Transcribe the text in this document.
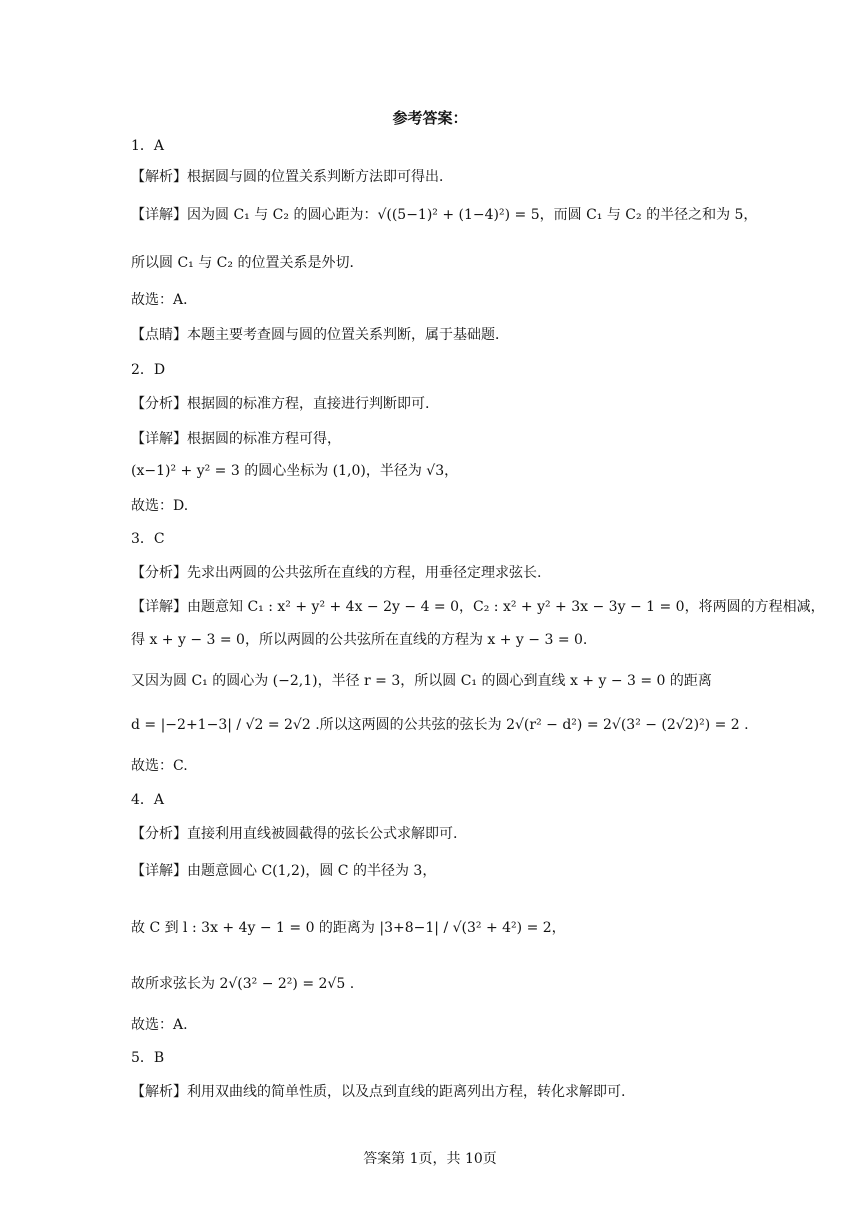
参考答案：
1．A
【解析】根据圆与圆的位置关系判断方法即可得出．
【详解】因为圆 C₁ 与 C₂ 的圆心距为：√((5−1)² + (1−4)²) = 5，而圆 C₁ 与 C₂ 的半径之和为 5，
所以圆 C₁ 与 C₂ 的位置关系是外切．
故选：A．
【点睛】本题主要考查圆与圆的位置关系判断，属于基础题．
2．D
【分析】根据圆的标准方程，直接进行判断即可.
【详解】根据圆的标准方程可得，
(x−1)² + y² = 3 的圆心坐标为 (1,0)，半径为 √3，
故选：D.
3．C
【分析】先求出两圆的公共弦所在直线的方程，用垂径定理求弦长.
【详解】由题意知 C₁ : x² + y² + 4x − 2y − 4 = 0，C₂ : x² + y² + 3x − 3y − 1 = 0，将两圆的方程相减，
得 x + y − 3 = 0，所以两圆的公共弦所在直线的方程为 x + y − 3 = 0.
又因为圆 C₁ 的圆心为 (−2,1)，半径 r = 3，所以圆 C₁ 的圆心到直线 x + y − 3 = 0 的距离
d = |−2+1−3| / √2 = 2√2 .所以这两圆的公共弦的弦长为 2√(r² − d²) = 2√(3² − (2√2)²) = 2 .
故选：C.
4．A
【分析】直接利用直线被圆截得的弦长公式求解即可.
【详解】由题意圆心 C(1,2)，圆 C 的半径为 3，
故 C 到 l : 3x + 4y − 1 = 0 的距离为 |3+8−1| / √(3² + 4²) = 2，
故所求弦长为 2√(3² − 2²) = 2√5 .
故选：A.
5．B
【解析】利用双曲线的简单性质，以及点到直线的距离列出方程，转化求解即可.
答案第 1页，共 10页
